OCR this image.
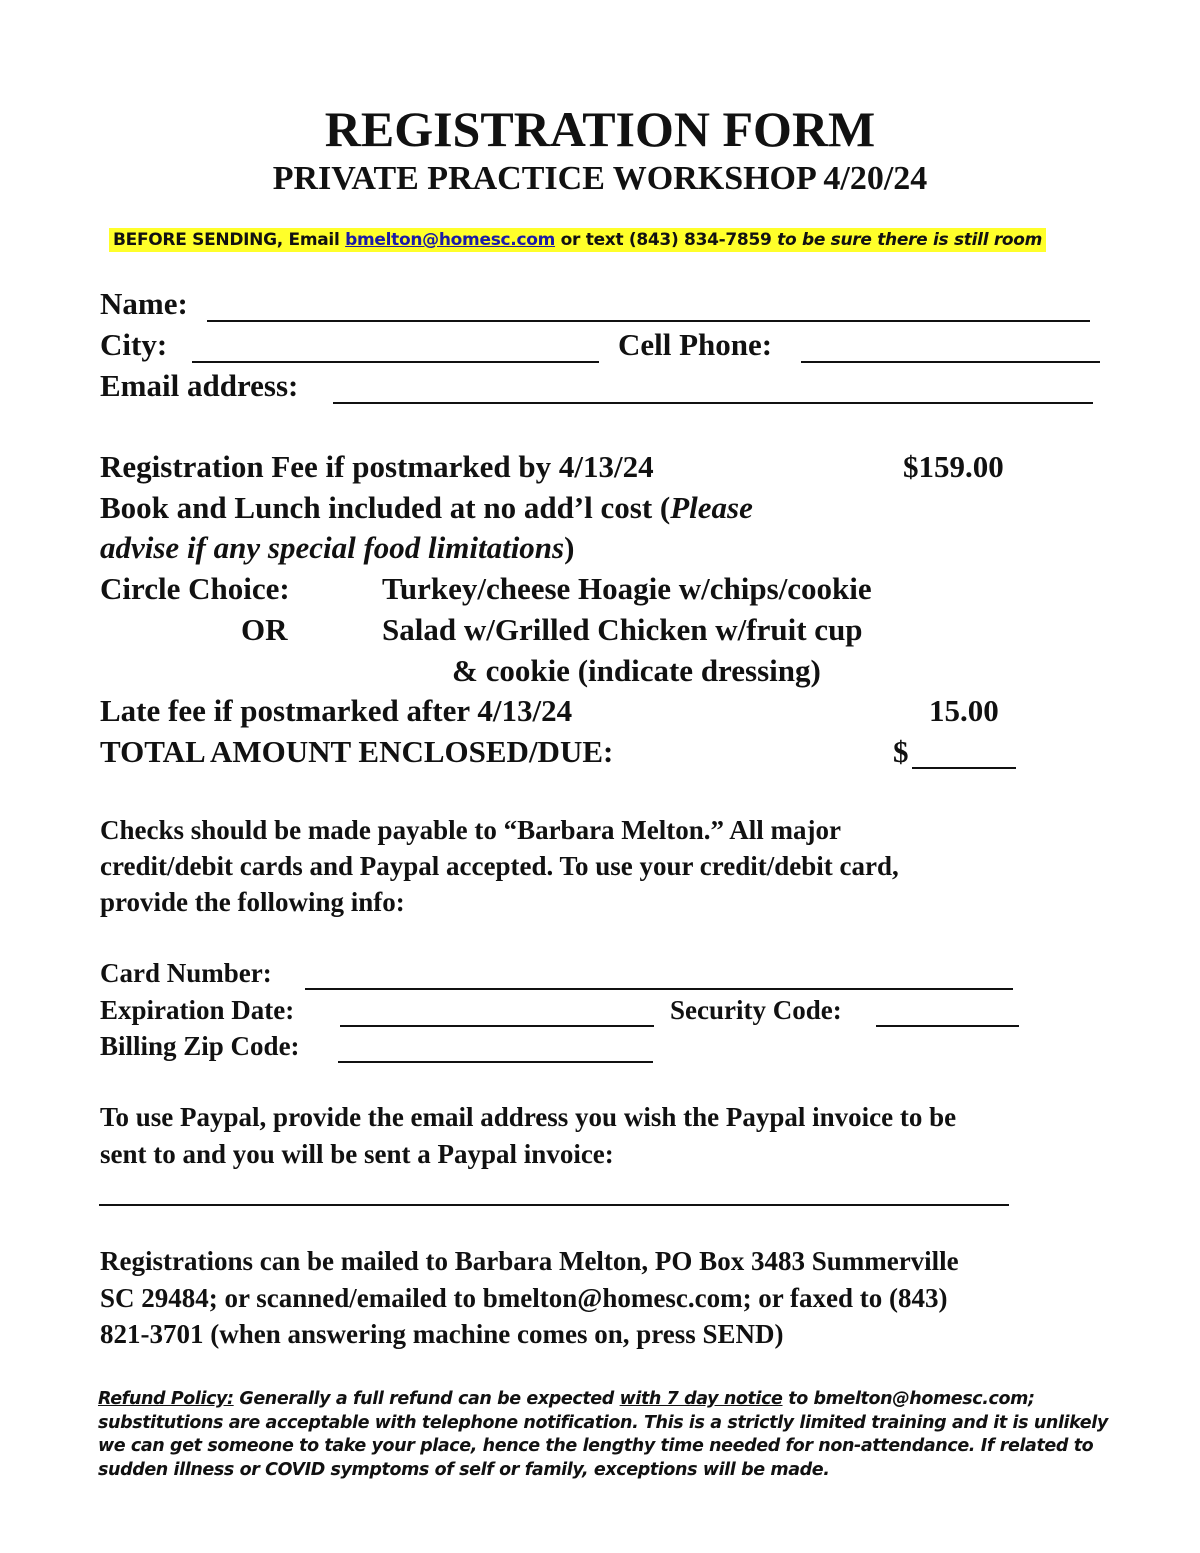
REGISTRATION FORM
PRIVATE PRACTICE WORKSHOP 4/20/24
BEFORE SENDING, Email bmelton@homesc.com or text (843) 834-7859 to be sure there is still room
Name:
City:	Cell Phone:
Email address:
Registration Fee if postmarked by 4/13/24	$159.00
Book and Lunch included at no add’l cost (Please
advise if any special food limitations)
Circle Choice:	Turkey/cheese Hoagie w/chips/cookie
OR	Salad w/Grilled Chicken w/fruit cup
& cookie (indicate dressing)
Late fee if postmarked after 4/13/24	15.00
TOTAL AMOUNT ENCLOSED/DUE:	$
Checks should be made payable to “Barbara Melton.” All major
credit/debit cards and Paypal accepted. To use your credit/debit card,
provide the following info:
Card Number:
Expiration Date:	Security Code:
Billing Zip Code:
To use Paypal, provide the email address you wish the Paypal invoice to be
sent to and you will be sent a Paypal invoice:
Registrations can be mailed to Barbara Melton, PO Box 3483 Summerville
SC 29484; or scanned/emailed to bmelton@homesc.com; or faxed to (843)
821-3701 (when answering machine comes on, press SEND)
Refund Policy: Generally a full refund can be expected with 7 day notice to bmelton@homesc.com; substitutions are acceptable with telephone notification. This is a strictly limited training and it is unlikely we can get someone to take your place, hence the lengthy time needed for non-attendance. If related to sudden illness or COVID symptoms of self or family, exceptions will be made.
